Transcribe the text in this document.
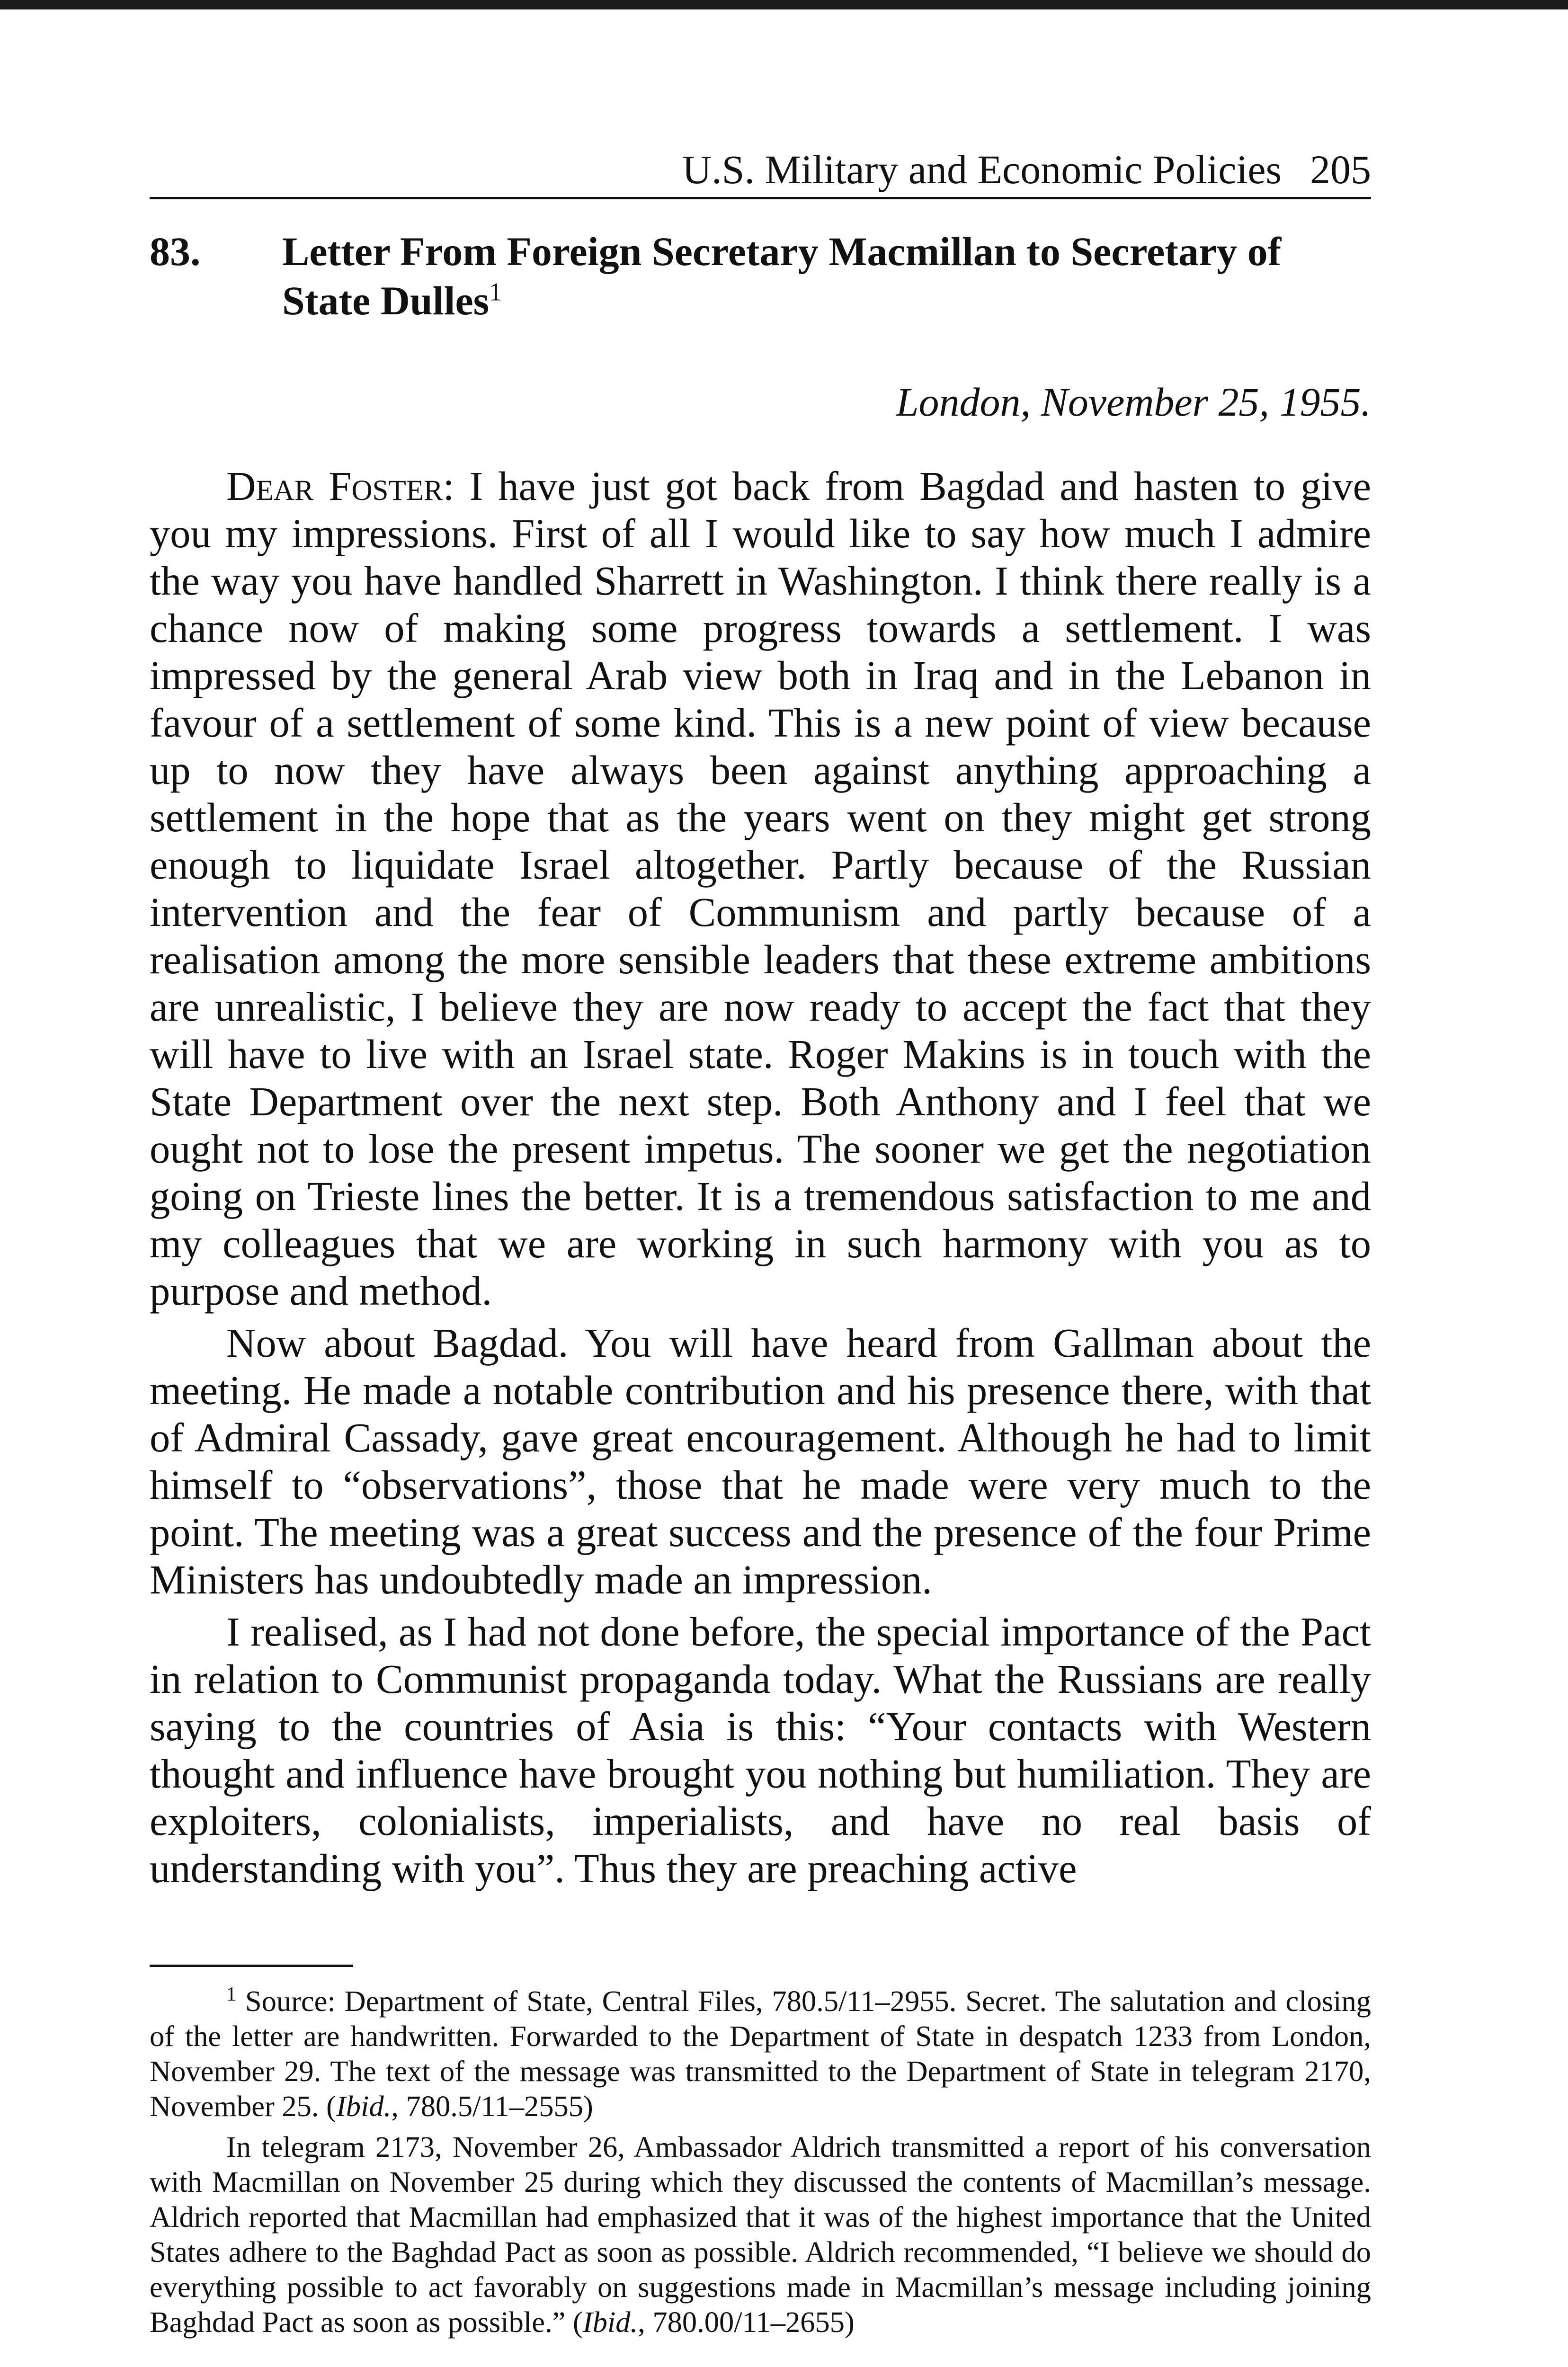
U.S. Military and Economic Policies 205
83. Letter From Foreign Secretary Macmillan to Secretary of State Dulles$^1$
London, November 25, 1955.

Dear Foster: I have just got back from Bagdad and hasten to give you my impressions. First of all I would like to say how much I admire the way you have handled Sharrett in Washington. I think there really is a chance now of making some progress towards a settlement. I was impressed by the general Arab view both in Iraq and in the Lebanon in favour of a settlement of some kind. This is a new point of view because up to now they have always been against anything approaching a settlement in the hope that as the years went on they might get strong enough to liquidate Israel altogether. Partly because of the Russian intervention and the fear of Communism and partly because of a realisation among the more sensible leaders that these extreme ambitions are unrealistic, I believe they are now ready to accept the fact that they will have to live with an Israel state. Roger Makins is in touch with the State Department over the next step. Both Anthony and I feel that we ought not to lose the present impetus. The sooner we get the negotiation going on Trieste lines the better. It is a tremendous satisfaction to me and my colleagues that we are working in such harmony with you as to purpose and method.

Now about Bagdad. You will have heard from Gallman about the meeting. He made a notable contribution and his presence there, with that of Admiral Cassady, gave great encouragement. Although he had to limit himself to “observations”, those that he made were very much to the point. The meeting was a great success and the presence of the four Prime Ministers has undoubtedly made an impression.

I realised, as I had not done before, the special importance of the Pact in relation to Communist propaganda today. What the Russians are really saying to the countries of Asia is this: “Your contacts with Western thought and influence have brought you nothing but humiliation. They are exploiters, colonialists, imperialists, and have no real basis of understanding with you”. Thus they are preaching active

$^1$ Source: Department of State, Central Files, 780.5/11–2955. Secret. The salutation and closing of the letter are handwritten. Forwarded to the Department of State in despatch 1233 from London, November 29. The text of the message was transmitted to the Department of State in telegram 2170, November 25. (Ibid., 780.5/11–2555)

In telegram 2173, November 26, Ambassador Aldrich transmitted a report of his conversation with Macmillan on November 25 during which they discussed the contents of Macmillan’s message. Aldrich reported that Macmillan had emphasized that it was of the highest importance that the United States adhere to the Baghdad Pact as soon as possible. Aldrich recommended, “I believe we should do everything possible to act favorably on suggestions made in Macmillan’s message including joining Baghdad Pact as soon as possible.” (Ibid., 780.00/11–2655)
